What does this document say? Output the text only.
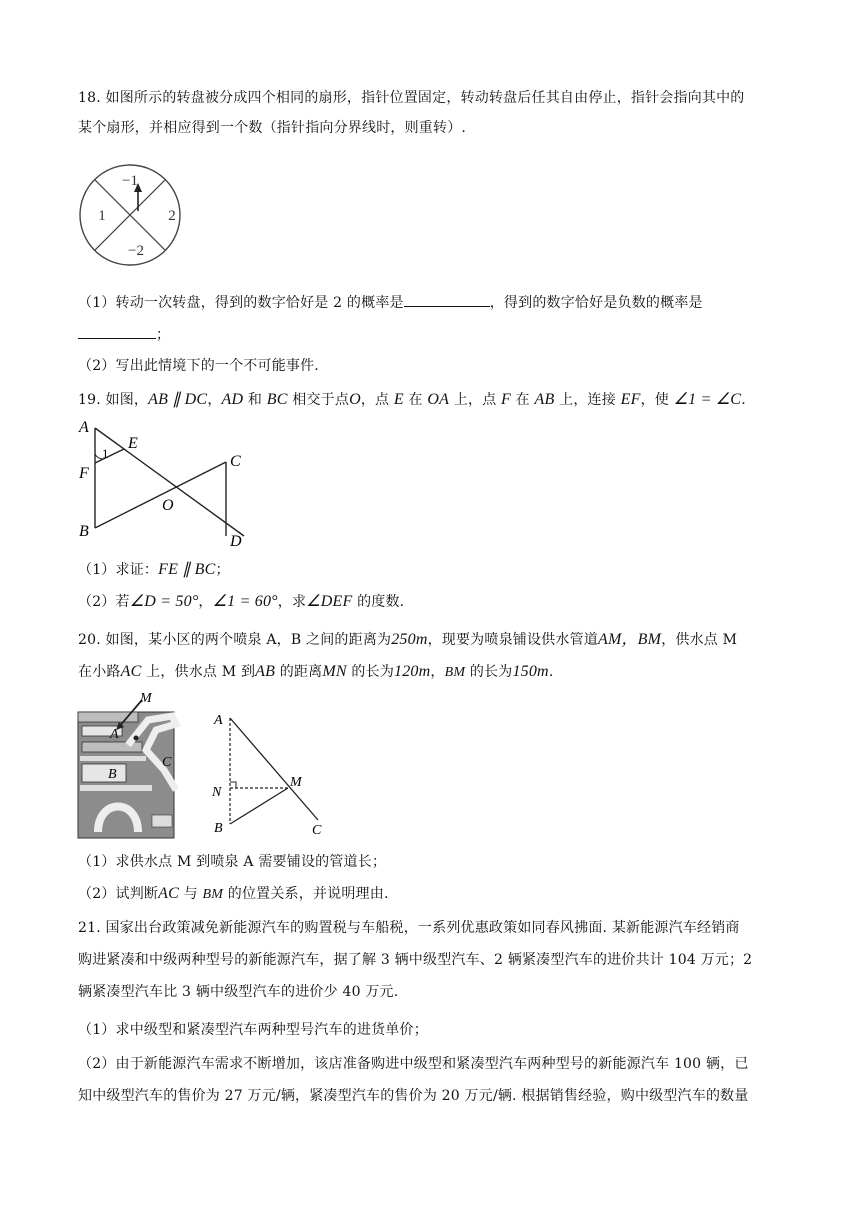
18. 如图所示的转盘被分成四个相同的扇形，指针位置固定，转动转盘后任其自由停止，指针会指向其中的
某个扇形，并相应得到一个数（指针指向分界线时，则重转）.
−1
1	2
−2
（1）转动一次转盘，得到的数字恰好是 2 的概率是	，得到的数字恰好是负数的概率是
；
（2）写出此情境下的一个不可能事件.
19. 如图，AB ∥ DC，AD 和 BC 相交于点O，点 E 在 OA 上，点 F 在 AB 上，连接 EF，使 ∠1 = ∠C.
A
E
1
F
C
O
B
D
（1）求证：FE ∥ BC；
（2）若∠D = 50°，∠1 = 60°，求∠DEF 的度数.
20. 如图，某小区的两个喷泉 A，B 之间的距离为250m，现要为喷泉铺设供水管道AM，BM，供水点 M
在小路AC 上，供水点 M 到AB 的距离MN 的长为120m，BM 的长为150m.
M
A
C
B
A
M
N
B	C
（1）求供水点 M 到喷泉 A 需要铺设的管道长；
（2）试判断AC 与 BM 的位置关系，并说明理由.
21. 国家出台政策减免新能源汽车的购置税与车船税，一系列优惠政策如同春风拂面. 某新能源汽车经销商
购进紧凑和中级两种型号的新能源汽车，据了解 3 辆中级型汽车、2 辆紧凑型汽车的进价共计 104 万元；2
辆紧凑型汽车比 3 辆中级型汽车的进价少 40 万元.
（1）求中级型和紧凑型汽车两种型号汽车的进货单价；
（2）由于新能源汽车需求不断增加，该店准备购进中级型和紧凑型汽车两种型号的新能源汽车 100 辆，已
知中级型汽车的售价为 27 万元/辆，紧凑型汽车的售价为 20 万元/辆. 根据销售经验，购中级型汽车的数量
